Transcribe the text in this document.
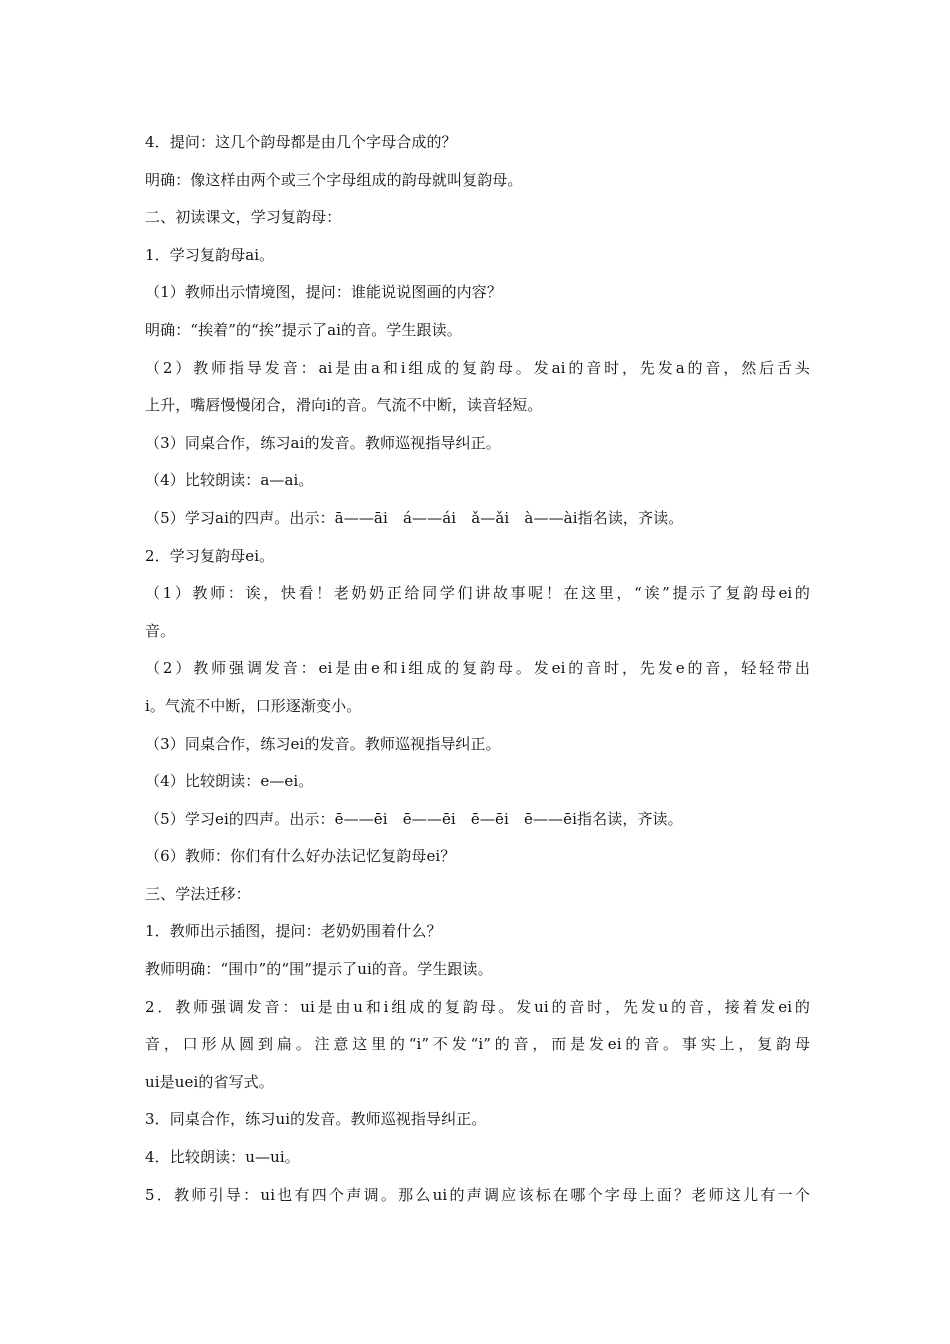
4．提问：这几个韵母都是由几个字母合成的？
明确：像这样由两个或三个字母组成的韵母就叫复韵母。
二、初读课文，学习复韵母：
1．学习复韵母ai。
（1）教师出示情境图，提问：谁能说说图画的内容？
明确：“挨着”的“挨”提示了ai的音。学生跟读。
（2）教师指导发音：ai是由a和i组成的复韵母。发ai的音时，先发a的音，然后舌头
上升，嘴唇慢慢闭合，滑向i的音。气流不中断，读音轻短。
（3）同桌合作，练习ai的发音。教师巡视指导纠正。
（4）比较朗读：a—ai。
（5）学习ai的四声。出示：ā——āi　á——ái　ǎ—ǎi　à——ài指名读，齐读。
2．学习复韵母ei。
（1）教师：诶，快看！老奶奶正给同学们讲故事呢！在这里，“诶”提示了复韵母ei的
音。
（2）教师强调发音：ei是由e和i组成的复韵母。发ei的音时，先发e的音，轻轻带出
i。气流不中断，口形逐渐变小。
（3）同桌合作，练习ei的发音。教师巡视指导纠正。
（4）比较朗读：e—ei。
（5）学习ei的四声。出示：ē——ēi　ē——ēi　ē—ēi　ē——ēi指名读，齐读。
（6）教师：你们有什么好办法记忆复韵母ei？
三、学法迁移：
1．教师出示插图，提问：老奶奶围着什么？
教师明确：“围巾”的“围”提示了ui的音。学生跟读。
2．教师强调发音：ui是由u和i组成的复韵母。发ui的音时，先发u的音，接着发ei的
音，口形从圆到扁。注意这里的“i”不发“i”的音，而是发ei的音。事实上，复韵母
ui是uei的省写式。
3．同桌合作，练习ui的发音。教师巡视指导纠正。
4．比较朗读：u—ui。
5．教师引导：ui也有四个声调。那么ui的声调应该标在哪个字母上面？老师这儿有一个
